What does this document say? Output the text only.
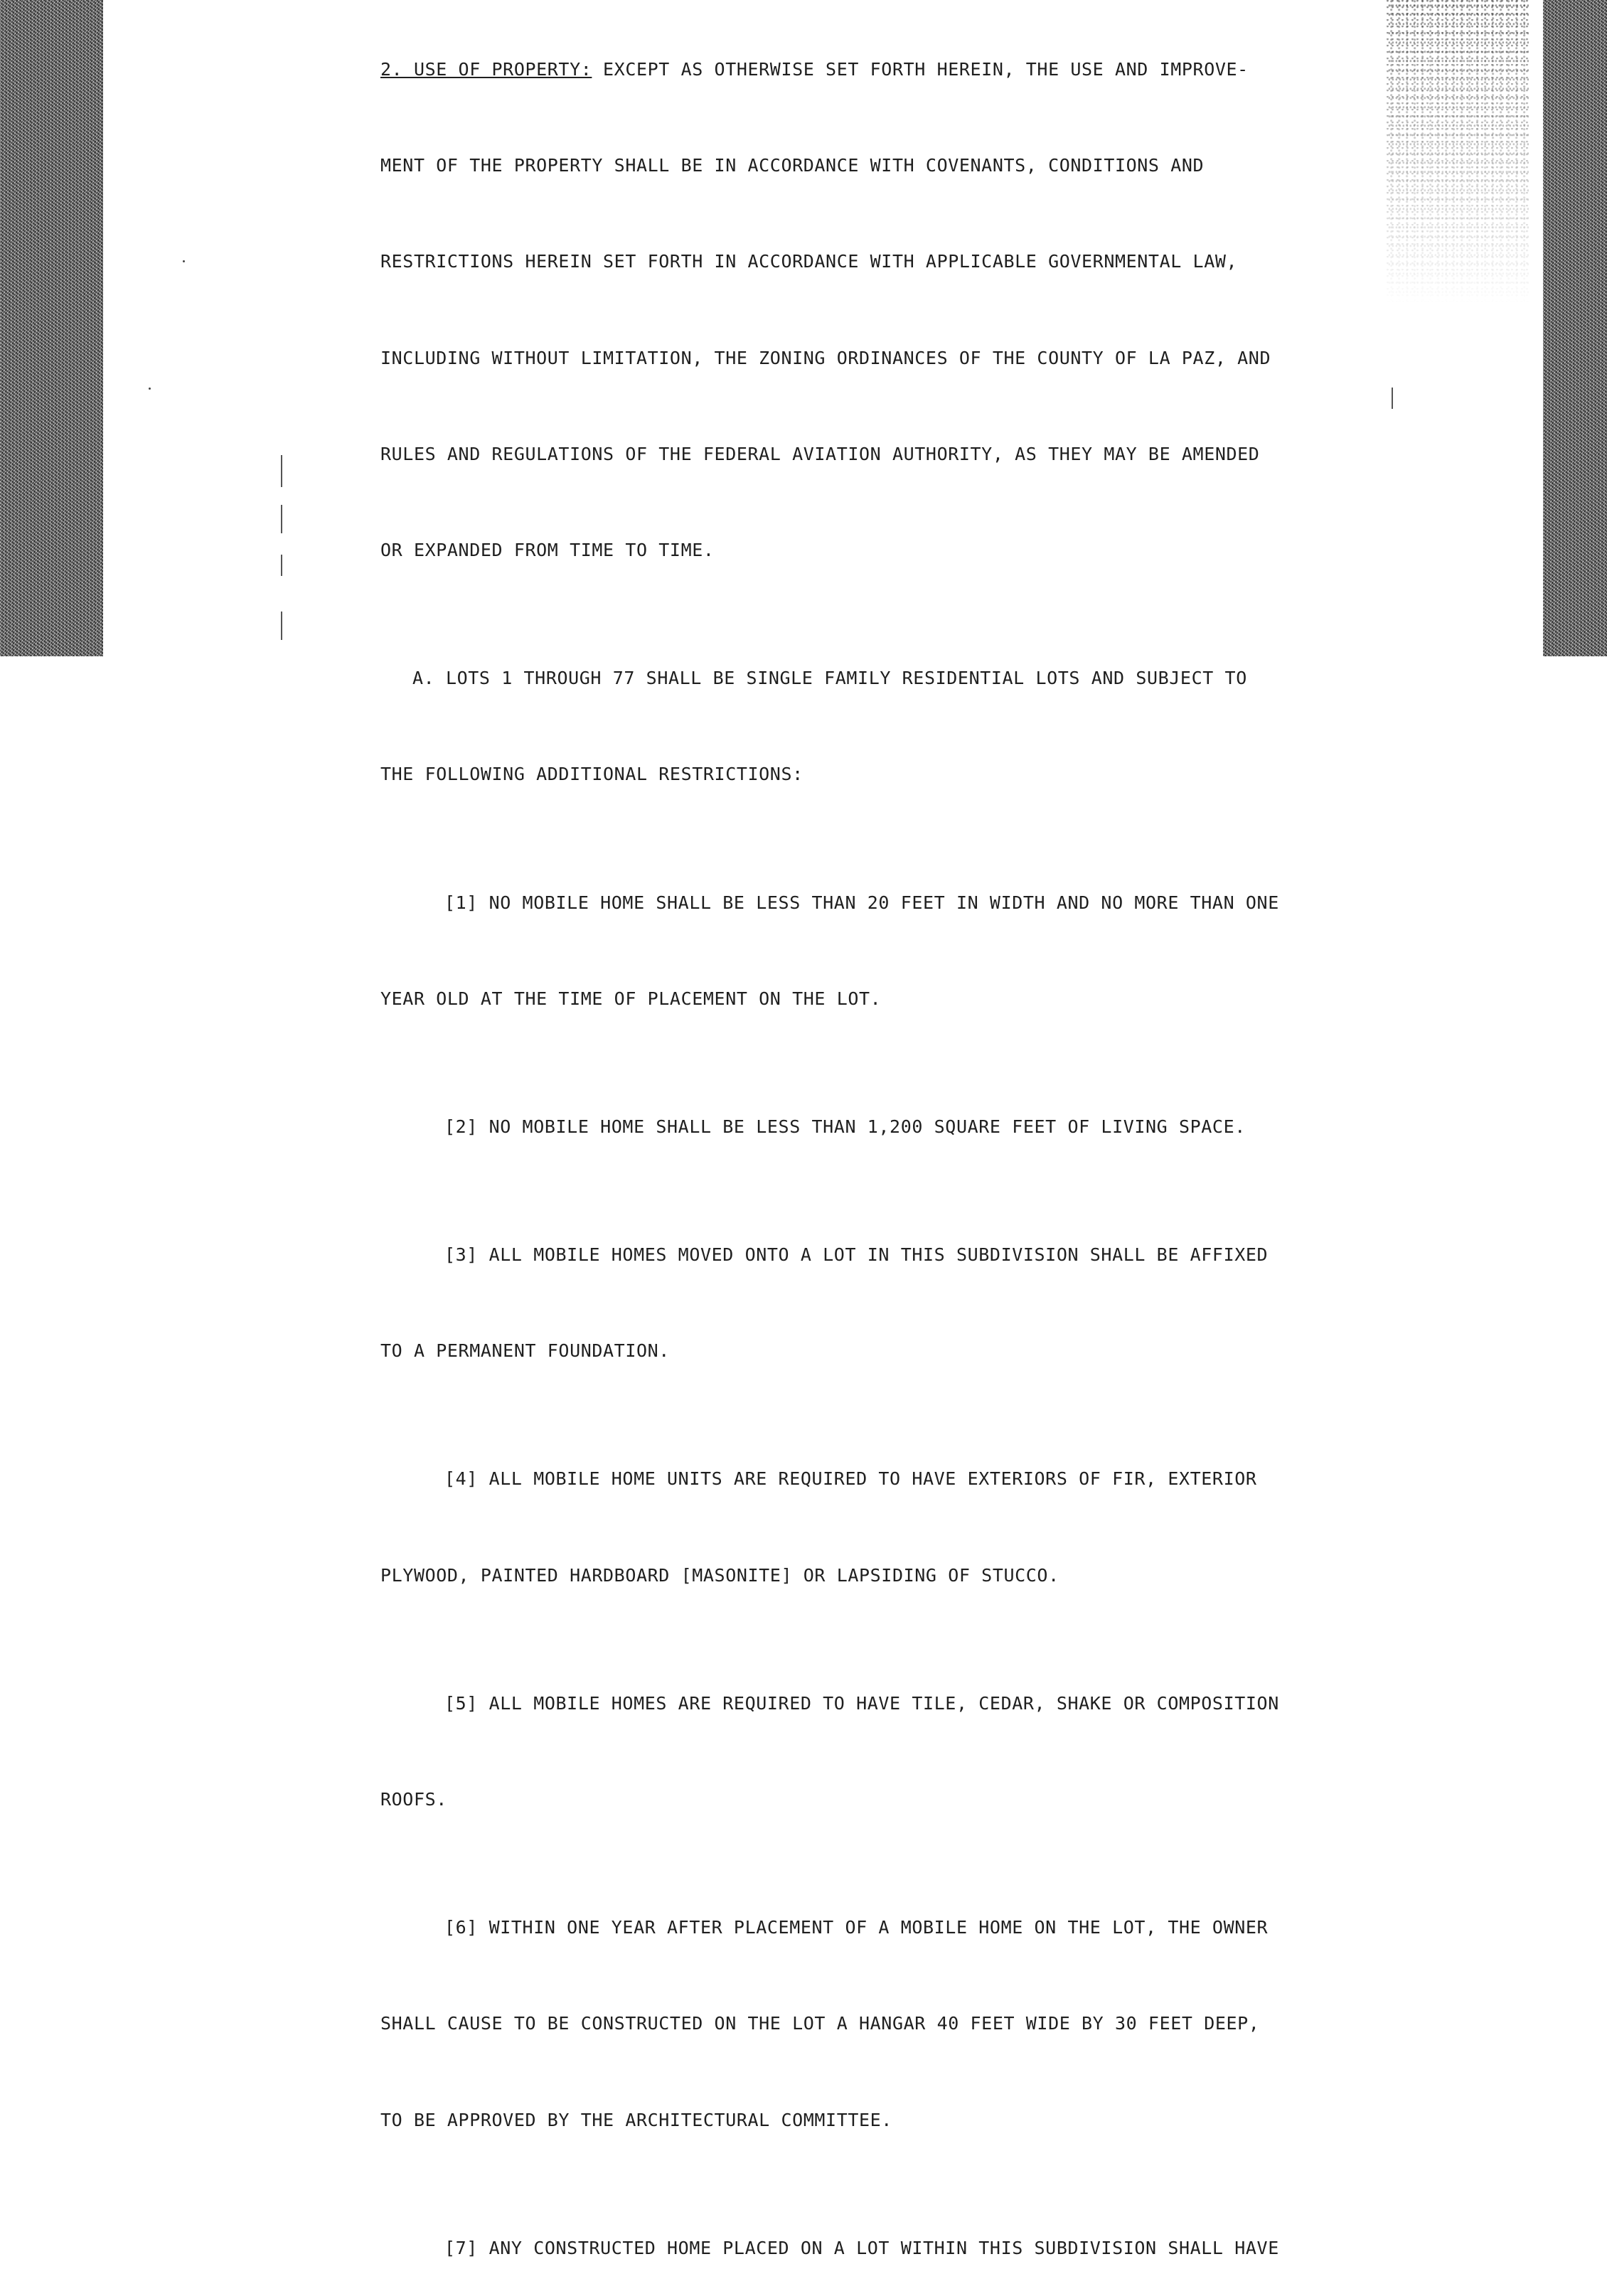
2. USE OF PROPERTY: EXCEPT AS OTHERWISE SET FORTH HEREIN, THE USE AND IMPROVE-

MENT OF THE PROPERTY SHALL BE IN ACCORDANCE WITH COVENANTS, CONDITIONS AND

RESTRICTIONS HEREIN SET FORTH IN ACCORDANCE WITH APPLICABLE GOVERNMENTAL LAW,

INCLUDING WITHOUT LIMITATION, THE ZONING ORDINANCES OF THE COUNTY OF LA PAZ, AND

RULES AND REGULATIONS OF THE FEDERAL AVIATION AUTHORITY, AS THEY MAY BE AMENDED

OR EXPANDED FROM TIME TO TIME.

A. LOTS 1 THROUGH 77 SHALL BE SINGLE FAMILY RESIDENTIAL LOTS AND SUBJECT TO

THE FOLLOWING ADDITIONAL RESTRICTIONS:

[1] NO MOBILE HOME SHALL BE LESS THAN 20 FEET IN WIDTH AND NO MORE THAN ONE

YEAR OLD AT THE TIME OF PLACEMENT ON THE LOT.

[2] NO MOBILE HOME SHALL BE LESS THAN 1,200 SQUARE FEET OF LIVING SPACE.

[3] ALL MOBILE HOMES MOVED ONTO A LOT IN THIS SUBDIVISION SHALL BE AFFIXED

TO A PERMANENT FOUNDATION.

[4] ALL MOBILE HOME UNITS ARE REQUIRED TO HAVE EXTERIORS OF FIR, EXTERIOR

PLYWOOD, PAINTED HARDBOARD [MASONITE] OR LAPSIDING OF STUCCO.

[5] ALL MOBILE HOMES ARE REQUIRED TO HAVE TILE, CEDAR, SHAKE OR COMPOSITION

ROOFS.

[6] WITHIN ONE YEAR AFTER PLACEMENT OF A MOBILE HOME ON THE LOT, THE OWNER

SHALL CAUSE TO BE CONSTRUCTED ON THE LOT A HANGAR 40 FEET WIDE BY 30 FEET DEEP,

TO BE APPROVED BY THE ARCHITECTURAL COMMITTEE.

[7] ANY CONSTRUCTED HOME PLACED ON A LOT WITHIN THIS SUBDIVISION SHALL HAVE
